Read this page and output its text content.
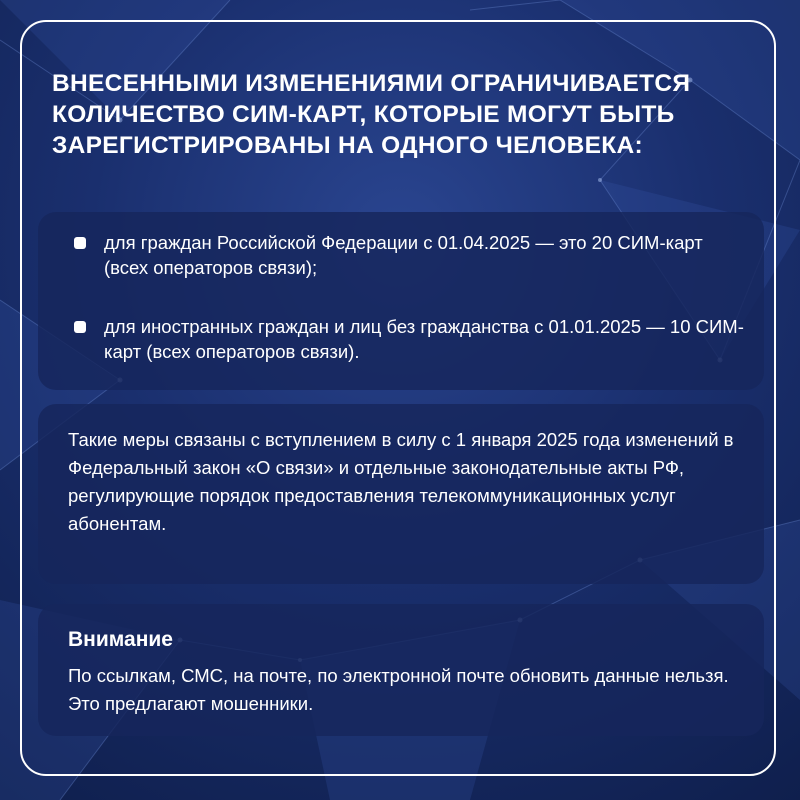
ВНЕСЕННЫМИ ИЗМЕНЕНИЯМИ ОГРАНИЧИВАЕТСЯ КОЛИЧЕСТВО СИМ-КАРТ, КОТОРЫЕ МОГУТ БЫТЬ ЗАРЕГИСТРИРОВАНЫ НА ОДНОГО ЧЕЛОВЕКА:
для граждан Российской Федерации с 01.04.2025 — это 20 СИМ-карт (всех операторов связи);
для иностранных граждан и лиц без гражданства с 01.01.2025 — 10 СИМ-карт (всех операторов связи).

Такие меры связаны с вступлением в силу с 1 января 2025 года изменений в Федеральный закон «О связи» и отдельные законодательные акты РФ, регулирующие порядок предоставления телекоммуникационных услуг абонентам.

Внимание

По ссылкам, СМС, на почте, по электронной почте обновить данные нельзя. Это предлагают мошенники.
